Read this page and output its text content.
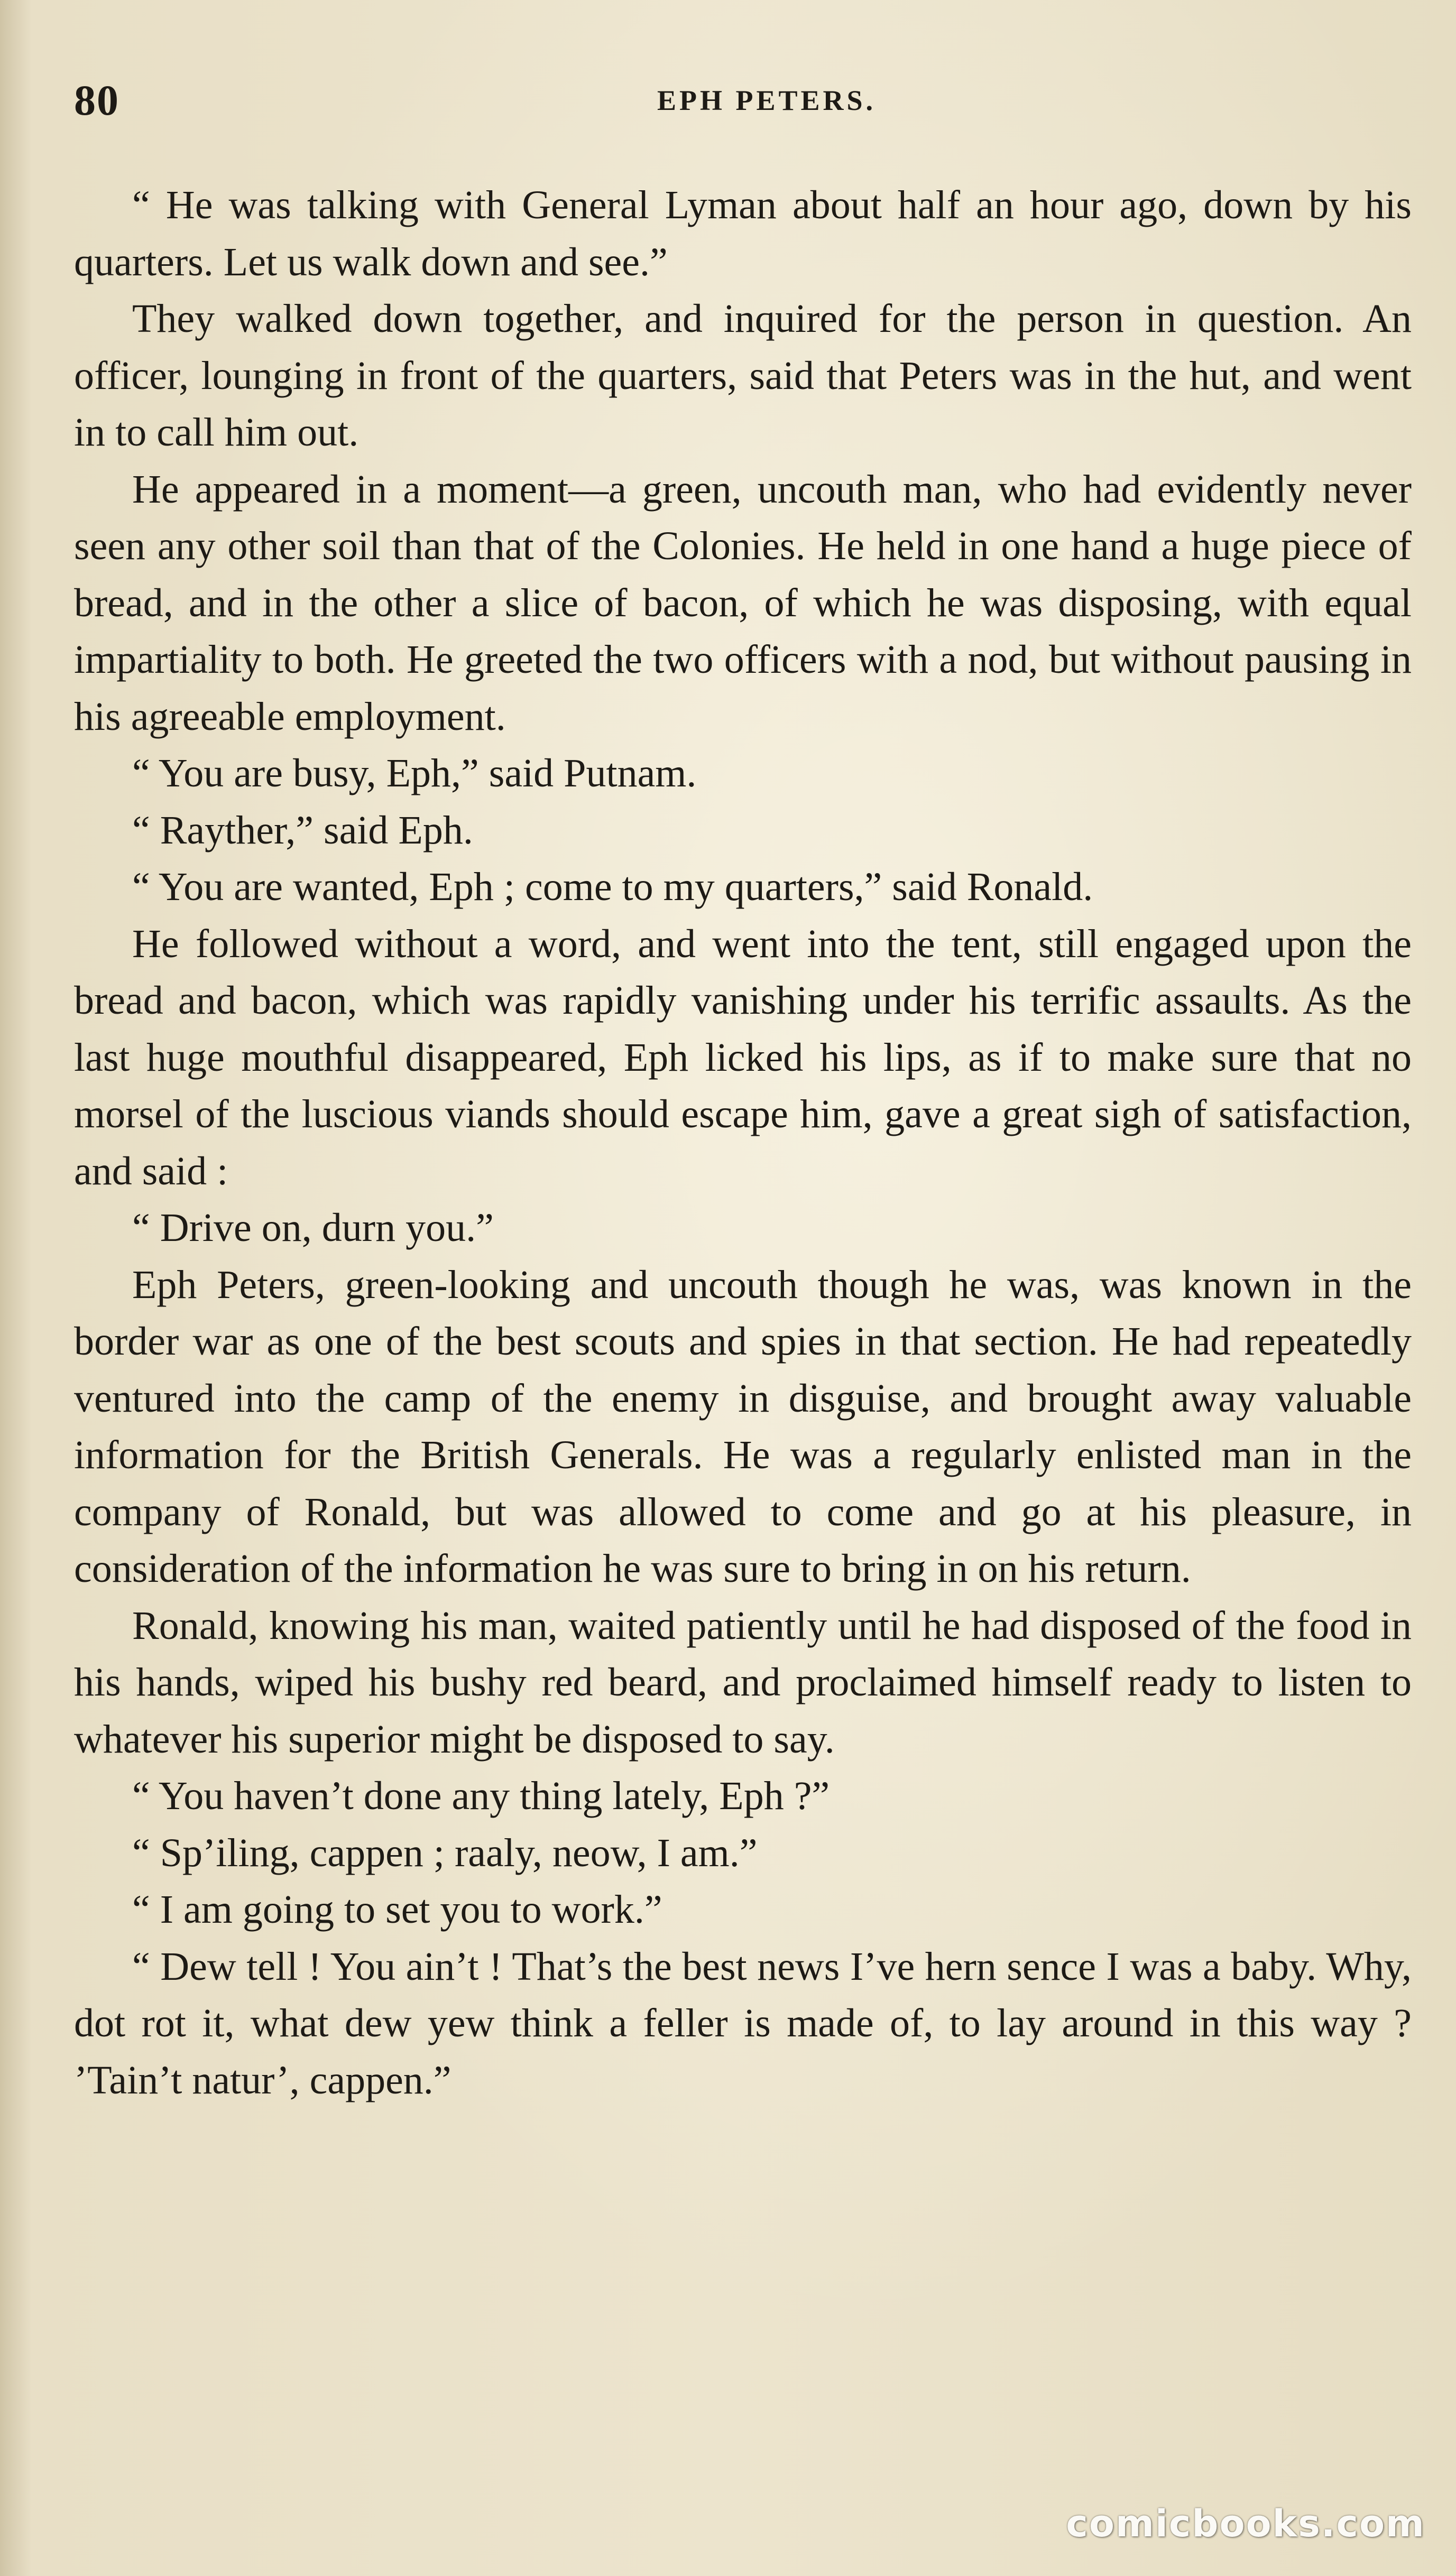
80	EPH PETERS.

“ He was talking with General Lyman about half an hour ago, down by his quarters. Let us walk down and see.”

They walked down together, and inquired for the person in question. An officer, lounging in front of the quarters, said that Peters was in the hut, and went in to call him out.

He appeared in a moment—a green, uncouth man, who had evidently never seen any other soil than that of the Colonies. He held in one hand a huge piece of bread, and in the other a slice of bacon, of which he was disposing, with equal impartiality to both. He greeted the two officers with a nod, but without pausing in his agreeable employment.

“ You are busy, Eph,” said Putnam.

“ Rayther,” said Eph.

“ You are wanted, Eph ; come to my quarters,” said Ronald.

He followed without a word, and went into the tent, still engaged upon the bread and bacon, which was rapidly vanishing under his terrific assaults. As the last huge mouthful disappeared, Eph licked his lips, as if to make sure that no morsel of the luscious viands should escape him, gave a great sigh of satisfaction, and said :

“ Drive on, durn you.”

Eph Peters, green-looking and uncouth though he was, was known in the border war as one of the best scouts and spies in that section. He had repeatedly ventured into the camp of the enemy in disguise, and brought away valuable information for the British Generals. He was a regularly enlisted man in the company of Ronald, but was allowed to come and go at his pleasure, in consideration of the information he was sure to bring in on his return.

Ronald, knowing his man, waited patiently until he had disposed of the food in his hands, wiped his bushy red beard, and proclaimed himself ready to listen to whatever his superior might be disposed to say.

“ You haven’t done any thing lately, Eph ?”

“ Sp’iling, cappen ; raaly, neow, I am.”

“ I am going to set you to work.”

“ Dew tell ! You ain’t ! That’s the best news I’ve hern sence I was a baby. Why, dot rot it, what dew yew think a feller is made of, to lay around in this way ? ’Tain’t natur’, cappen.”

comicbooks.com
